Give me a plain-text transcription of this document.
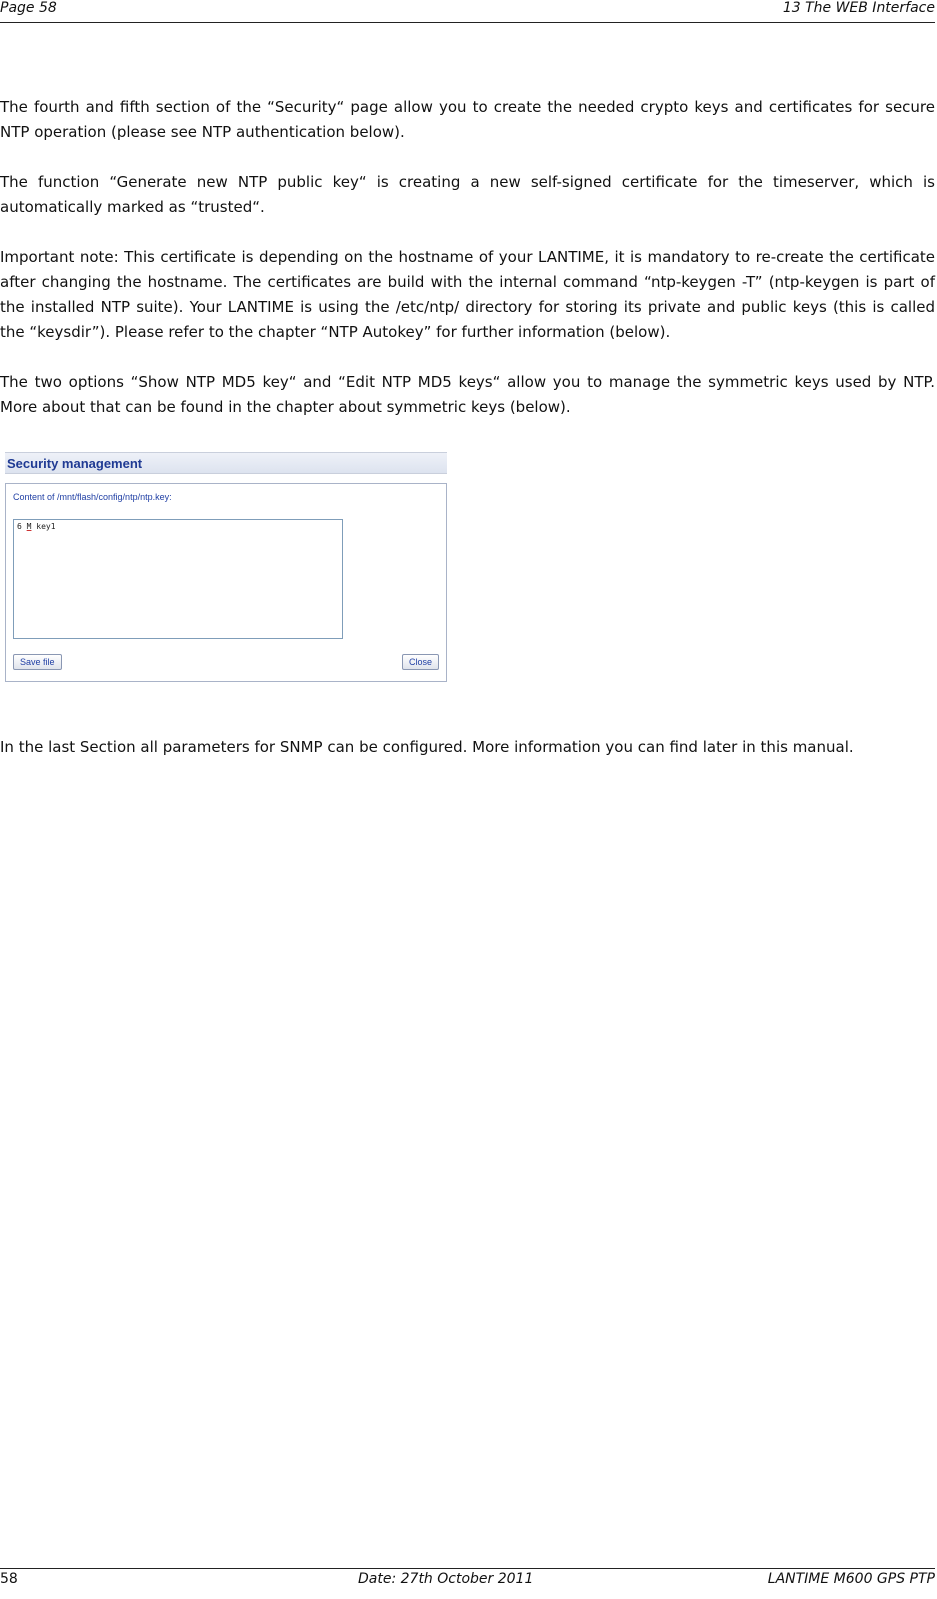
Page 58	13 The WEB Interface

The fourth and fifth section of the “Security“ page allow you to create the needed crypto keys and certificates for secure NTP operation (please see NTP authentication below).

The function “Generate new NTP public key“ is creating a new self-signed certificate for the timeserver, which is automatically marked as “trusted“.

Important note: This certificate is depending on the hostname of your LANTIME, it is mandatory to re-create the certificate after changing the hostname. The certificates are build with the internal command “ntp-keygen -T” (ntp-keygen is part of the installed NTP suite). Your LANTIME is using the /etc/ntp/ directory for storing its private and public keys (this is called the “keysdir”). Please refer to the chapter “NTP Autokey” for further information (below).

The two options “Show NTP MD5 key“ and “Edit NTP MD5 keys“ allow you to manage the symmetric keys used by NTP. More about that can be found in the chapter about symmetric keys (below).

Security management
Content of /mnt/flash/config/ntp/ntp.key:
6 M key1
Save file	Close

In the last Section all parameters for SNMP can be configured. More information you can find later in this manual.

58	Date: 27th October 2011	LANTIME M600 GPS PTP
